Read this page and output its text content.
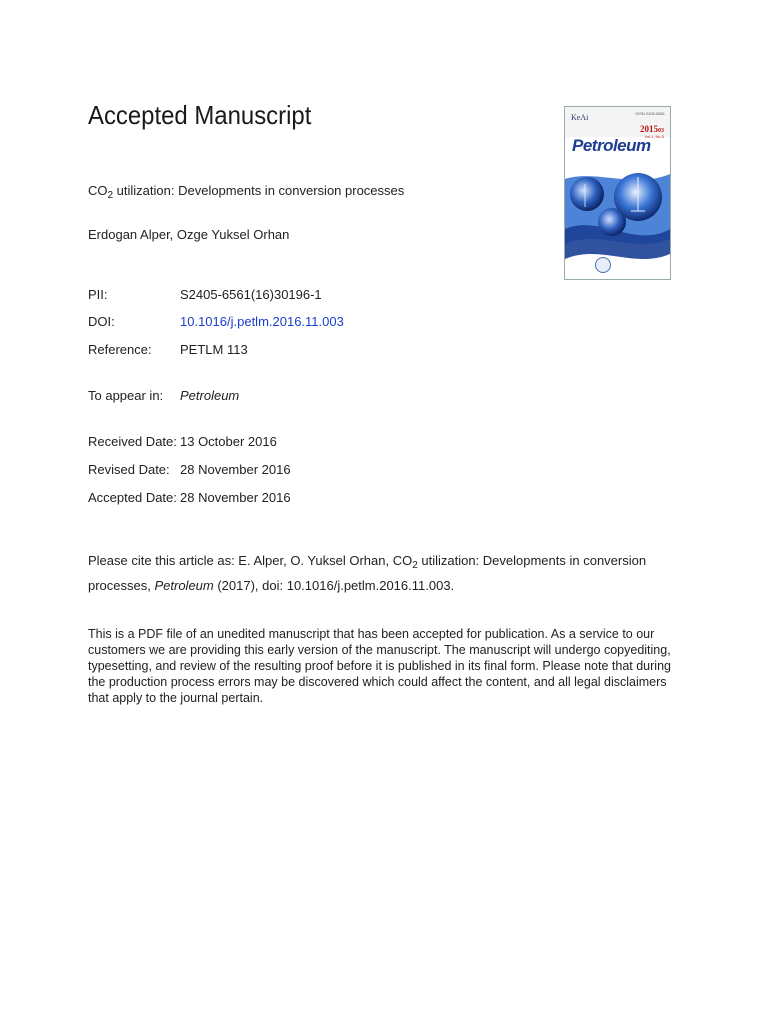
Accepted Manuscript
$CO_2$ utilization: Developments in conversion processes
Erdogan Alper, Ozge Yuksel Orhan
PII:	S2405-6561(16)30196-1
DOI:	10.1016/j.petlm.2016.11.003
Reference: PETLM 113
To appear in: Petroleum
Received Date: 13 October 2016
Revised Date: 28 November 2016
Accepted Date: 28 November 2016
Please cite this article as: E. Alper, O. Yuksel Orhan, $CO_2$ utilization: Developments in conversion processes, Petroleum (2017), doi: 10.1016/j.petlm.2016.11.003.
This is a PDF file of an unedited manuscript that has been accepted for publication. As a service to our customers we are providing this early version of the manuscript. The manuscript will undergo copyediting, typesetting, and review of the resulting proof before it is published in its final form. Please note that during the production process errors may be discovered which could affect the content, and all legal disclaimers that apply to the journal pertain.
KeAi	ISSN 2405-6561
201503
Vol.1, No.3
Petroleum
